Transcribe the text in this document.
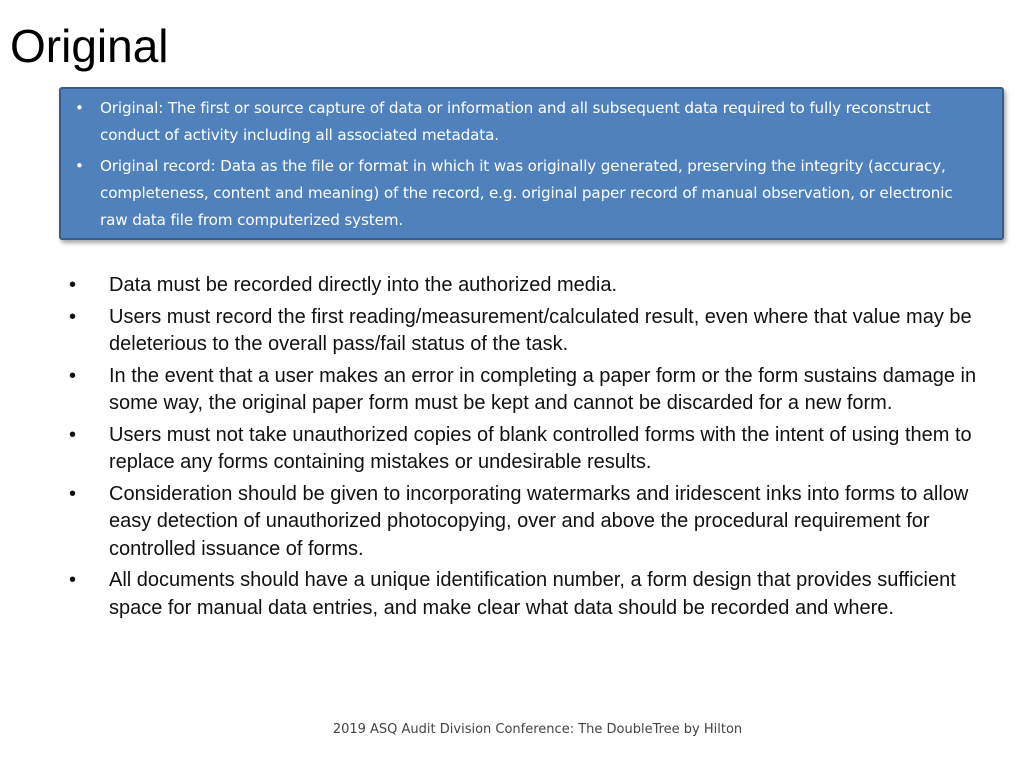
Original
• Original: The first or source capture of data or information and all subsequent data required to fully reconstruct conduct of activity including all associated metadata.
• Original record: Data as the file or format in which it was originally generated, preserving the integrity (accuracy, completeness, content and meaning) of the record, e.g. original paper record of manual observation, or electronic raw data file from computerized system.
• Data must be recorded directly into the authorized media.
• Users must record the first reading/measurement/calculated result, even where that value may be deleterious to the overall pass/fail status of the task.
• In the event that a user makes an error in completing a paper form or the form sustains damage in some way, the original paper form must be kept and cannot be discarded for a new form.
• Users must not take unauthorized copies of blank controlled forms with the intent of using them to replace any forms containing mistakes or undesirable results.
• Consideration should be given to incorporating watermarks and iridescent inks into forms to allow easy detection of unauthorized photocopying, over and above the procedural requirement for controlled issuance of forms.
• All documents should have a unique identification number, a form design that provides sufficient space for manual data entries, and make clear what data should be recorded and where.
2019 ASQ Audit Division Conference: The DoubleTree by Hilton
